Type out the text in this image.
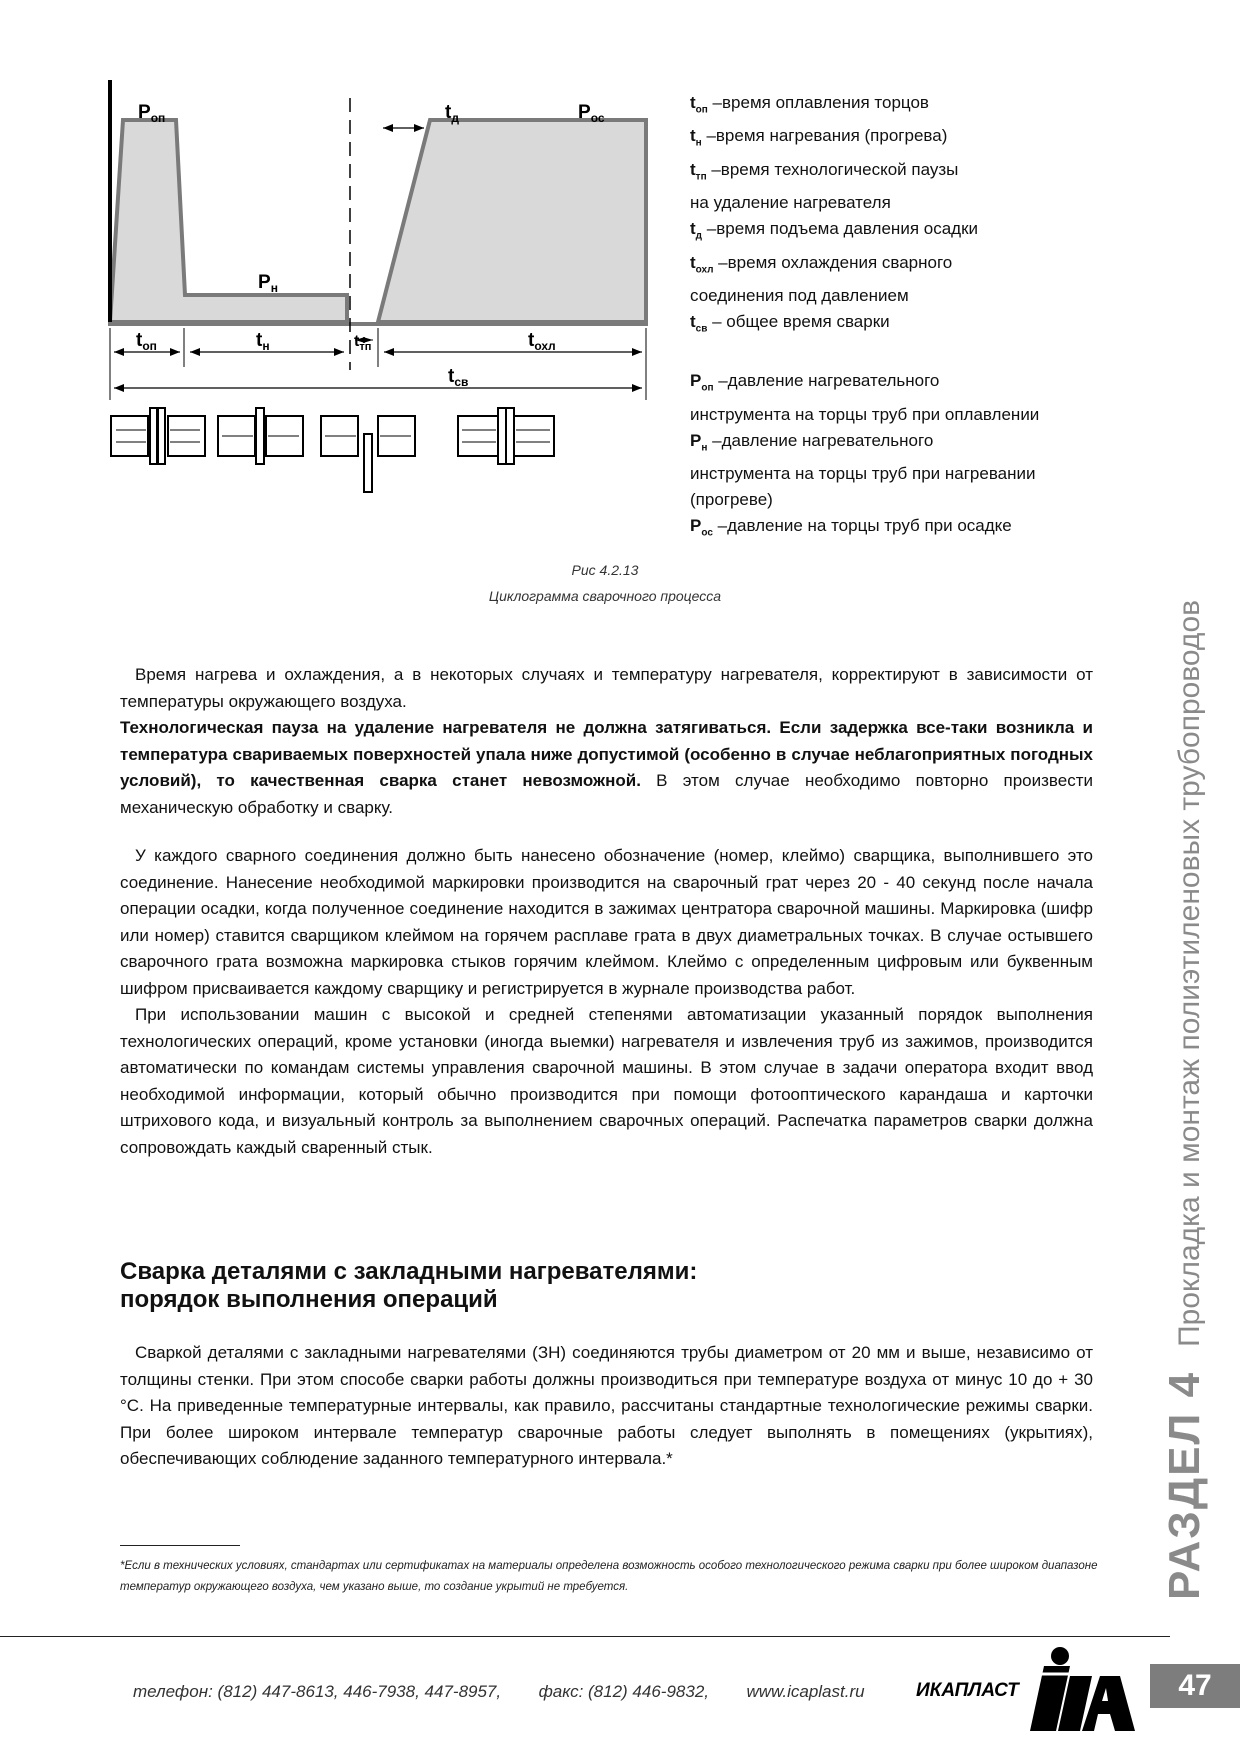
$Р_{оп}$
$Р_н$
$Р_{ос}$
$t_д$
$t_{оп}$	$t_н$	$t_{тп}$	$t_{охл}$
$t_{св}$
$t_{оп}$ –время оплавления торцов
$t_н$ –время нагревания (прогрева)
$t_{тп}$ –время технологической паузы
на удаление нагревателя
$t_д$ –время подъема давления осадки
$t_{охл}$ –время охлаждения сварного
соединения под давлением
$t_{св}$ – общее время сварки
$Р_{оп}$ –давление нагревательного
инструмента на торцы труб при оплавлении
$Р_н$ –давление нагревательного
инструмента на торцы труб при нагревании
(прогреве)
$Р_{ос}$ –давление на торцы труб при осадке
Рис 4.2.13
Циклограмма сварочного процесса

Время нагрева и охлаждения, а в некоторых случаях и температуру нагревателя, корректируют в зависимости от температуры окружающего воздуха.

Технологическая пауза на удаление нагревателя не должна затягиваться. Если задержка все-таки возникла и температура свариваемых поверхностей упала ниже допустимой (особенно в случае неблагоприятных погодных условий), то качественная сварка станет невозможной. В этом случае необходимо повторно произвести механическую обработку и сварку.

У каждого сварного соединения должно быть нанесено обозначение (номер, клеймо) сварщика, выполнившего это соединение. Нанесение необходимой маркировки производится на сварочный грат через 20 - 40 секунд после начала операции осадки, когда полученное соединение находится в зажимах центратора сварочной машины. Маркировка (шифр или номер) ставится сварщиком клеймом на горячем расплаве грата в двух диаметральных точках. В случае остывшего сварочного грата возможна маркировка стыков горячим клеймом. Клеймо с определенным цифровым или буквенным шифром присваивается каждому сварщику и регистрируется в журнале производства работ.

При использовании машин с высокой и средней степенями автоматизации указанный порядок выполнения технологических операций, кроме установки (иногда выемки) нагревателя и извлечения труб из зажимов, производится автоматически по командам системы управления сварочной машины. В этом случае в задачи оператора входит ввод необходимой информации, который обычно производится при помощи фотооптического карандаша и карточки штрихового кода, и визуальный контроль за выполнением сварочных операций. Распечатка параметров сварки должна сопровождать каждый сваренный стык.

Сварка деталями с закладными нагревателями:
порядок выполнения операций

Сваркой деталями с закладными нагревателями (ЗН) соединяются трубы диаметром от 20 мм и выше, независимо от толщины стенки. При этом способе сварки работы должны производиться при температуре воздуха от минус 10 до + 30 °С. На приведенные температурные интервалы, как правило, рассчитаны стандартные технологические режимы сварки. При более широком интервале температур сварочные работы следует выполнять в помещениях (укрытиях), обеспечивающих соблюдение заданного температурного интервала.*

*Если в технических условиях, стандартах или сертификатах на материалы определена возможность особого технологического режима сварки при более широком диапазоне температур окружающего воздуха, чем указано выше, то создание укрытий не требуется.
телефон: (812) 447-8613, 446-7938, 447-8957, факс: (812) 446-9832, www.icaplast.ru	ИКАПЛАСТ	47
РАЗДЕЛ 4Прокладка и монтаж полиэтиленовых трубопроводов
